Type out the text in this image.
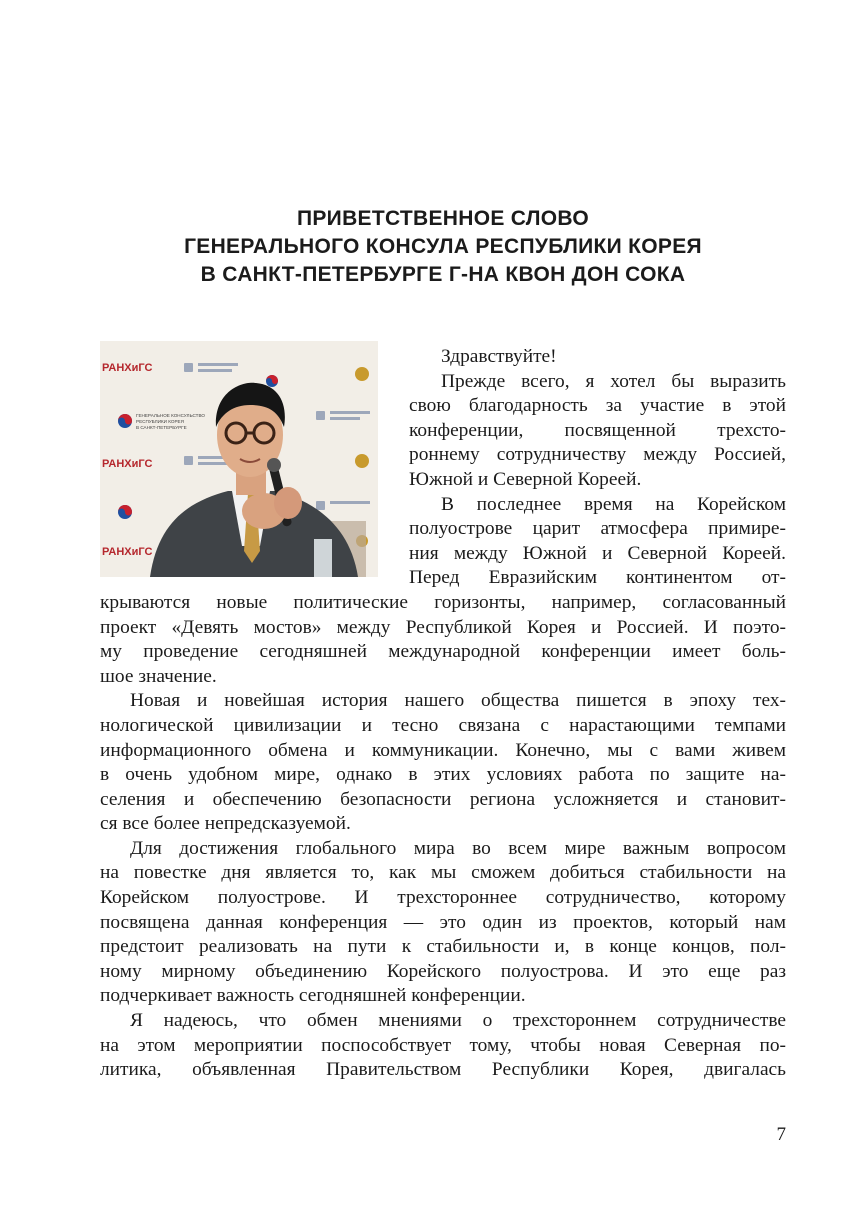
ПРИВЕТСТВЕННОЕ СЛОВО
ГЕНЕРАЛЬНОГО КОНСУЛА РЕСПУБЛИКИ КОРЕЯ
В САНКТ-ПЕТЕРБУРГЕ Г-НА КВОН ДОН СОКА
РАНХиГС
РАНХиГС
РАНХиГС
ГЕНЕРАЛЬНОЕ КОНСУЛЬСТВО
РЕСПУБЛИКИ КОРЕЯ
В САНКТ-ПЕТЕРБУРГЕ
Здравствуйте!
Прежде всего, я хотел бы выразить
свою благодарность за участие в этой
конференции, посвященной трехсто-
роннему сотрудничеству между Россией,
Южной и Северной Кореей.
В последнее время на Корейском
полуострове царит атмосфера примире-
ния между Южной и Северной Кореей.
Перед Евразийским континентом от-
крываются новые политические горизонты, например, согласованный
проект «Девять мостов» между Республикой Корея и Россией. И поэто-
му проведение сегодняшней международной конференции имеет боль-
шое значение.
Новая и новейшая история нашего общества пишется в эпоху тех-
нологической цивилизации и тесно связана с нарастающими темпами
информационного обмена и коммуникации. Конечно, мы с вами живем
в очень удобном мире, однако в этих условиях работа по защите на-
селения и обеспечению безопасности региона усложняется и становит-
ся все более непредсказуемой.
Для достижения глобального мира во всем мире важным вопросом
на повестке дня является то, как мы сможем добиться стабильности на
Корейском полуострове. И трехстороннее сотрудничество, которому
посвящена данная конференция — это один из проектов, который нам
предстоит реализовать на пути к стабильности и, в конце концов, пол-
ному мирному объединению Корейского полуострова. И это еще раз
подчеркивает важность сегодняшней конференции.
Я надеюсь, что обмен мнениями о трехстороннем сотрудничестве
на этом мероприятии поспособствует тому, чтобы новая Северная по-
литика, объявленная Правительством Республики Корея, двигалась
7
